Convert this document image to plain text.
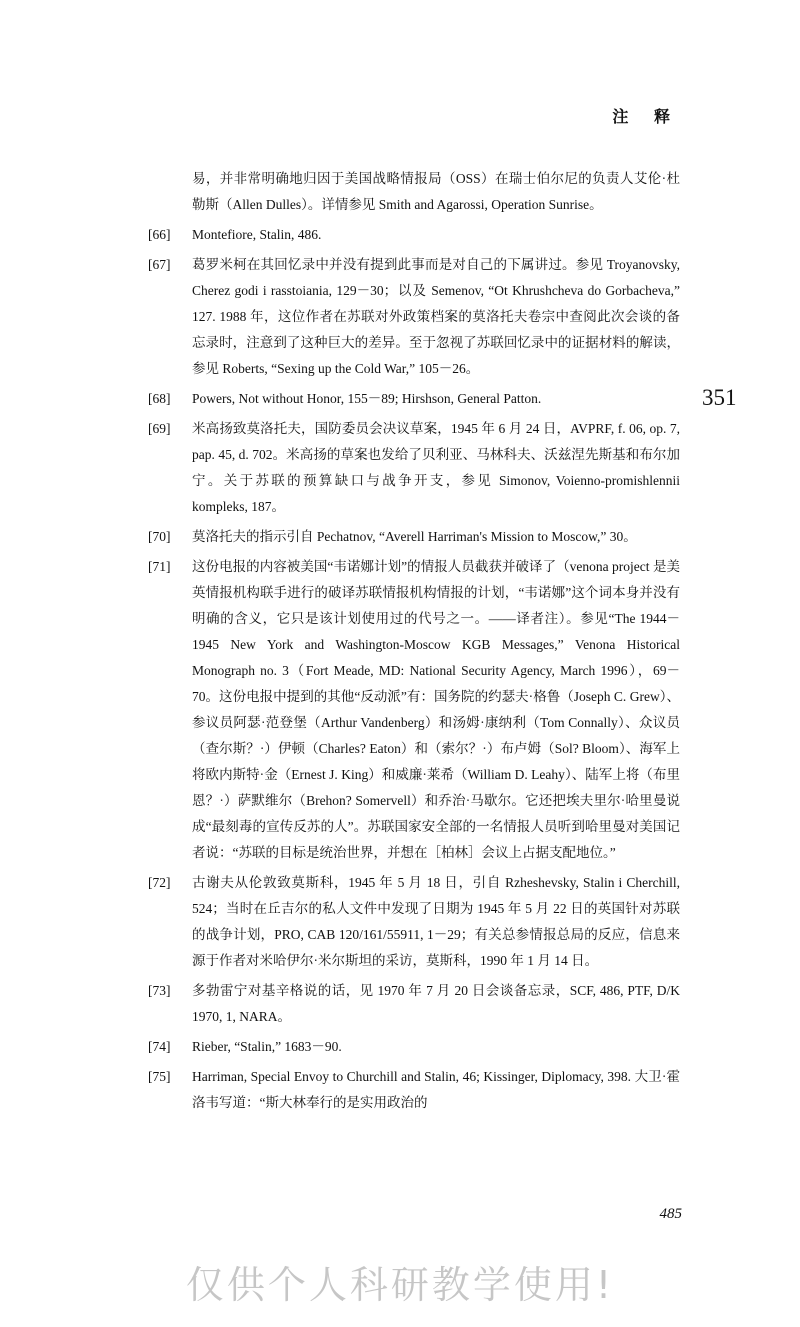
注 释
351
易，并非常明确地归因于美国战略情报局（OSS）在瑞士伯尔尼的负责人艾伦·杜勒斯（Allen Dulles）。详情参见 Smith and Agarossi, Operation Sunrise。
[66] Montefiore, Stalin, 486.
[67] 葛罗米柯在其回忆录中并没有提到此事而是对自己的下属讲过。参见 Troyanovsky, Cherez godi i rasstoiania, 129－30；以及 Semenov, “Ot Khrushcheva do Gorbacheva,” 127. 1988 年，这位作者在苏联对外政策档案的莫洛托夫卷宗中查阅此次会谈的备忘录时，注意到了这种巨大的差异。至于忽视了苏联回忆录中的证据材料的解读，参见 Roberts, “Sexing up the Cold War,” 105－26。
[68] Powers, Not without Honor, 155－89; Hirshson, General Patton.
[69] 米高扬致莫洛托夫，国防委员会决议草案，1945 年 6 月 24 日，AVPRF, f. 06, op. 7, pap. 45, d. 702。米高扬的草案也发给了贝利亚、马林科夫、沃兹涅先斯基和布尔加宁。关于苏联的预算缺口与战争开支，参见 Simonov, Voienno-promishlennii kompleks, 187。
[70] 莫洛托夫的指示引自 Pechatnov, “Averell Harriman's Mission to Moscow,” 30。
[71] 这份电报的内容被美国“韦诺娜计划”的情报人员截获并破译了（venona project 是美英情报机构联手进行的破译苏联情报机构情报的计划，“韦诺娜”这个词本身并没有明确的含义，它只是该计划使用过的代号之一。——译者注）。参见“The 1944－1945 New York and Washington-Moscow KGB Messages,” Venona Historical Monograph no. 3（Fort Meade, MD: National Security Agency, March 1996），69－70。这份电报中提到的其他“反动派”有：国务院的约瑟夫·格鲁（Joseph C. Grew）、参议员阿瑟·范登堡（Arthur Vandenberg）和汤姆·康纳利（Tom Connally）、众议员（查尔斯？·）伊顿（Charles? Eaton）和（索尔？·）布卢姆（Sol? Bloom）、海军上将欧内斯特·金（Ernest J. King）和威廉·莱希（William D. Leahy）、陆军上将（布里恩？·）萨默维尔（Brehon? Somervell）和乔治·马歇尔。它还把埃夫里尔·哈里曼说成“最刻毒的宣传反苏的人”。苏联国家安全部的一名情报人员听到哈里曼对美国记者说：“苏联的目标是统治世界，并想在［柏林］会议上占据支配地位。”
[72] 古谢夫从伦敦致莫斯科，1945 年 5 月 18 日，引自 Rzheshevsky, Stalin i Cherchill, 524；当时在丘吉尔的私人文件中发现了日期为 1945 年 5 月 22 日的英国针对苏联的战争计划，PRO, CAB 120/161/55911, 1－29；有关总参情报总局的反应，信息来源于作者对米哈伊尔·米尔斯坦的采访，莫斯科，1990 年 1 月 14 日。
[73] 多勃雷宁对基辛格说的话，见 1970 年 7 月 20 日会谈备忘录，SCF, 486, PTF, D/K 1970, 1, NARA。
[74] Rieber, “Stalin,” 1683－90.
[75] Harriman, Special Envoy to Churchill and Stalin, 46; Kissinger, Diplomacy, 398. 大卫·霍洛韦写道：“斯大林奉行的是实用政治的
485
仅供个人科研教学使用!
